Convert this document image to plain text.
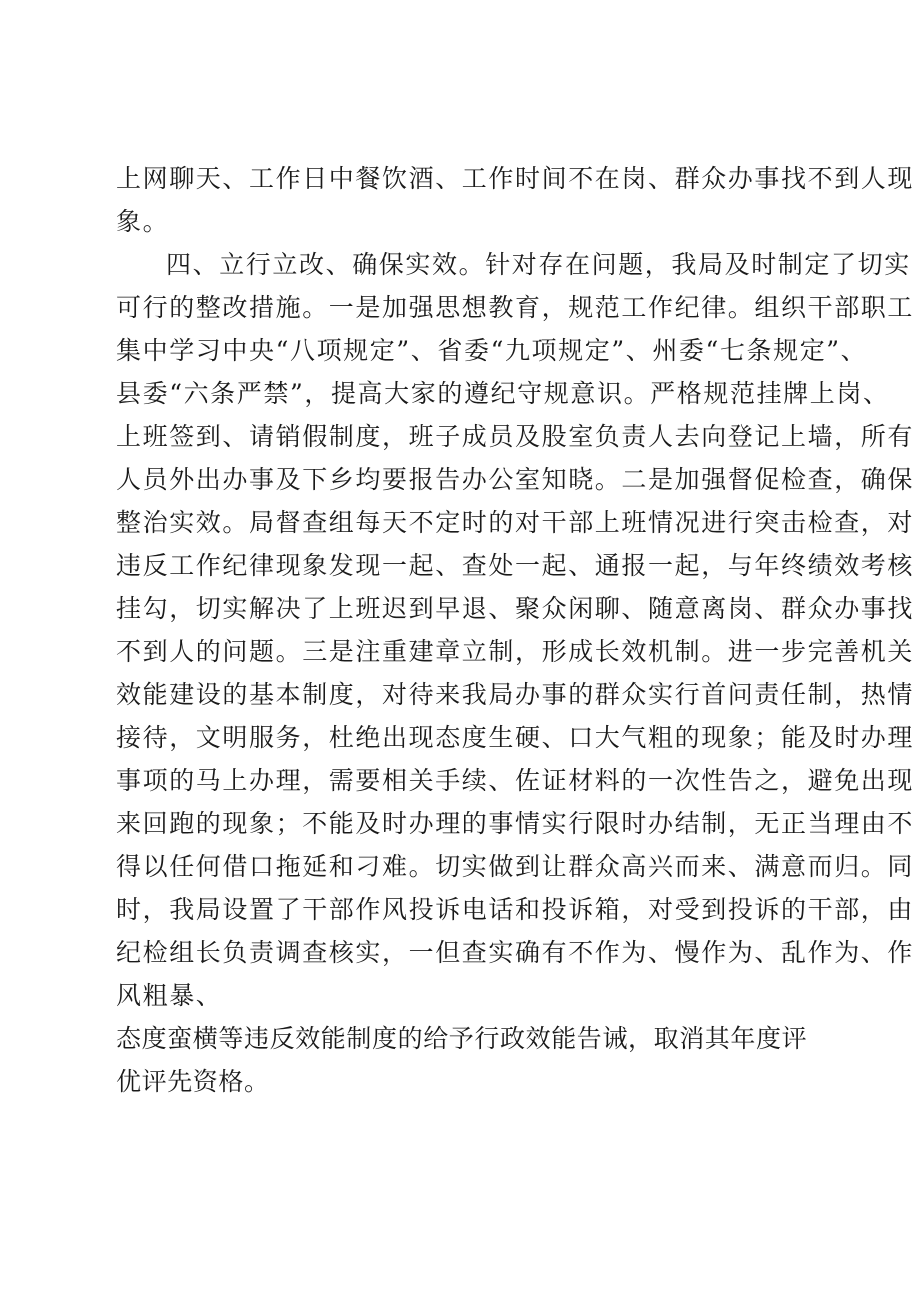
上网聊天、工作日中餐饮酒、工作时间不在岗、群众办事找不到人现

象。

四、立行立改、确保实效。针对存在问题，我局及时制定了切实

可行的整改措施。一是加强思想教育，规范工作纪律。组织干部职工

集中学习中央“八项规定”、省委“九项规定”、州委“七条规定”、

县委“六条严禁”，提高大家的遵纪守规意识。严格规范挂牌上岗、

上班签到、请销假制度，班子成员及股室负责人去向登记上墙，所有

人员外出办事及下乡均要报告办公室知晓。二是加强督促检查，确保

整治实效。局督查组每天不定时的对干部上班情况进行突击检查，对

违反工作纪律现象发现一起、查处一起、通报一起，与年终绩效考核

挂勾，切实解决了上班迟到早退、聚众闲聊、随意离岗、群众办事找

不到人的问题。三是注重建章立制，形成长效机制。进一步完善机关

效能建设的基本制度，对待来我局办事的群众实行首问责任制，热情

接待，文明服务，杜绝出现态度生硬、口大气粗的现象；能及时办理

事项的马上办理，需要相关手续、佐证材料的一次性告之，避免出现

来回跑的现象；不能及时办理的事情实行限时办结制，无正当理由不

得以任何借口拖延和刁难。切实做到让群众高兴而来、满意而归。同

时，我局设置了干部作风投诉电话和投诉箱，对受到投诉的干部，由

纪检组长负责调查核实，一但查实确有不作为、慢作为、乱作为、作

风粗暴、

态度蛮横等违反效能制度的给予行政效能告诫，取消其年度评

优评先资格。
